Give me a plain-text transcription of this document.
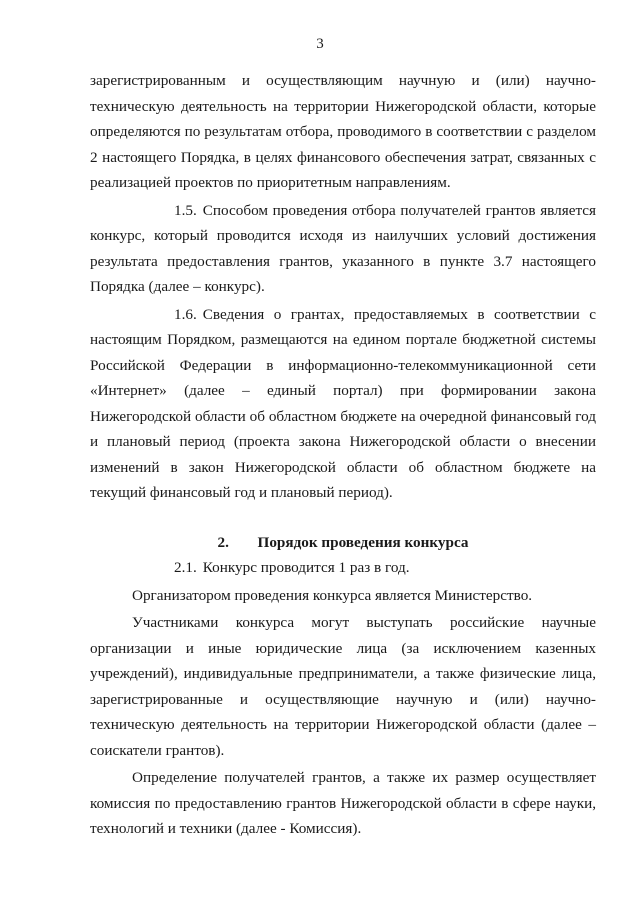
3

зарегистрированным и осуществляющим научную и (или) научно-техническую деятельность на территории Нижегородской области, которые определяются по результатам отбора, проводимого в соответствии с разделом 2 настоящего Порядка, в целях финансового обеспечения затрат, связанных с реализацией проектов по приоритетным направлениям.

1.5. Способом проведения отбора получателей грантов является конкурс, который проводится исходя из наилучших условий достижения результата предоставления грантов, указанного в пункте 3.7 настоящего Порядка (далее – конкурс).

1.6. Сведения о грантах, предоставляемых в соответствии с настоящим Порядком, размещаются на едином портале бюджетной системы Российской Федерации в информационно-телекоммуникационной сети «Интернет» (далее – единый портал) при формировании закона Нижегородской области об областном бюджете на очередной финансовый год и плановый период (проекта закона Нижегородской области о внесении изменений в закон Нижегородской области об областном бюджете на текущий финансовый год и плановый период).

2. Порядок проведения конкурса

2.1. Конкурс проводится 1 раз в год.

Организатором проведения конкурса является Министерство.

Участниками конкурса могут выступать российские научные организации и иные юридические лица (за исключением казенных учреждений), индивидуальные предприниматели, а также физические лица, зарегистрированные и осуществляющие научную и (или) научно-техническую деятельность на территории Нижегородской области (далее – соискатели грантов).

Определение получателей грантов, а также их размер осуществляет комиссия по предоставлению грантов Нижегородской области в сфере науки, технологий и техники (далее - Комиссия).
